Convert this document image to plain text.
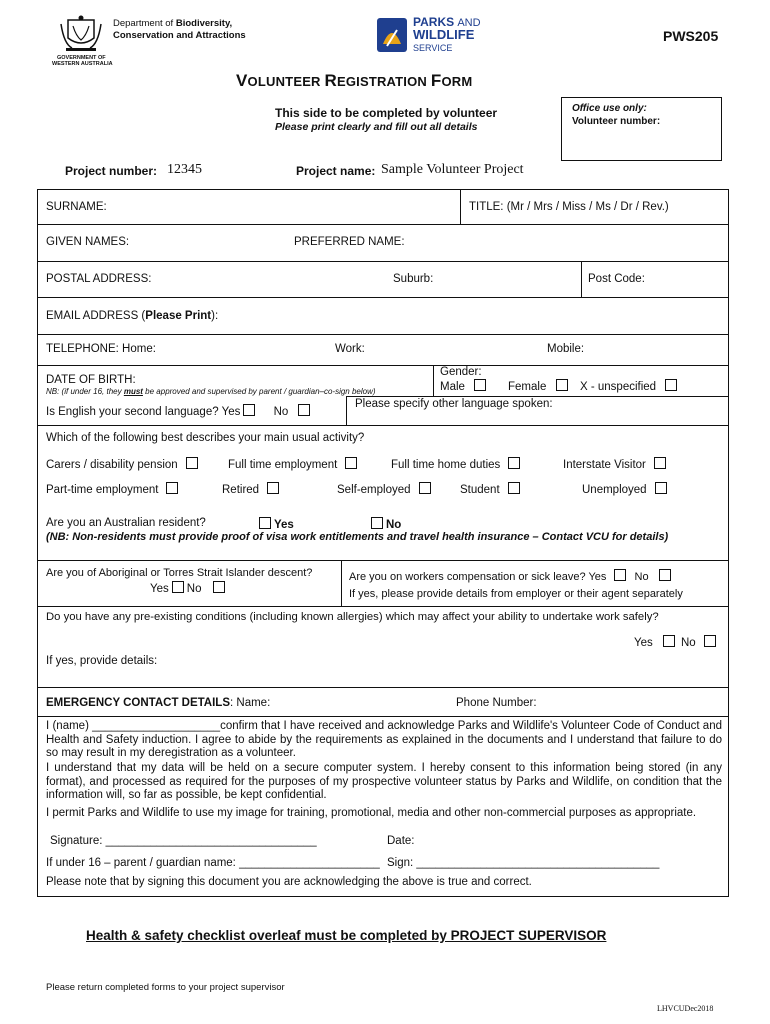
GOVERNMENT OF
WESTERN AUSTRALIA
Department of Biodiversity,
Conservation and Attractions
PARKS AND
WILDLIFE
SERVICE
PWS205
VOLUNTEER REGISTRATION FORM
This side to be completed by volunteer
Please print clearly and fill out all details
Office use only:
Volunteer number:
Project number: 12345	Project name: Sample Volunteer Project
SURNAME:	TITLE: (Mr / Mrs / Miss / Ms / Dr / Rev.)
GIVEN NAMES:	PREFERRED NAME:
POSTAL ADDRESS:	Suburb:	Post Code:
EMAIL ADDRESS (Please Print):
TELEPHONE: Home:	Work:	Mobile:
DATE OF BIRTH:
NB: (if under 16, they must be approved and supervised by parent / guardian–co-sign below)
Gender:
Male	Female	X - unspecified
Is English your second language? Yes	No
Please specify other language spoken:
Which of the following best describes your main usual activity?
Carers / disability pension	Full time employment	Full time home duties	Interstate Visitor
Part-time employment	Retired	Self-employed	Student	Unemployed
Are you an Australian resident?	Yes	No
(NB: Non-residents must provide proof of visa work entitlements and travel health insurance – Contact VCU for details)
Are you of Aboriginal or Torres Strait Islander descent?
Yes No
Are you on workers compensation or sick leave? Yes	No
If yes, please provide details from employer or their agent separately
Do you have any pre-existing conditions (including known allergies) which may affect your ability to undertake work safely?
Yes No
If yes, provide details:
EMERGENCY CONTACT DETAILS: Name:	Phone Number:
I (name) ____________________confirm that I have received and acknowledge Parks and Wildlife's Volunteer Code of Conduct and Health and Safety induction. I agree to abide by the requirements as explained in the documents and I understand that failure to do so may result in my deregistration as a volunteer.
I understand that my data will be held on a secure computer system. I hereby consent to this information being stored (in any format), and processed as required for the purposes of my prospective volunteer status by Parks and Wildlife, on condition that the information will, so far as possible, be kept confidential.
I permit Parks and Wildlife to use my image for training, promotional, media and other non-commercial purposes as appropriate.
Signature: _________________________________	Date:
If under 16 – parent / guardian name: ______________________ Sign: ______________________________________
Please note that by signing this document you are acknowledging the above is true and correct.
Health & safety checklist overleaf must be completed by PROJECT SUPERVISOR
Please return completed forms to your project supervisor
LHVCUDec2018
